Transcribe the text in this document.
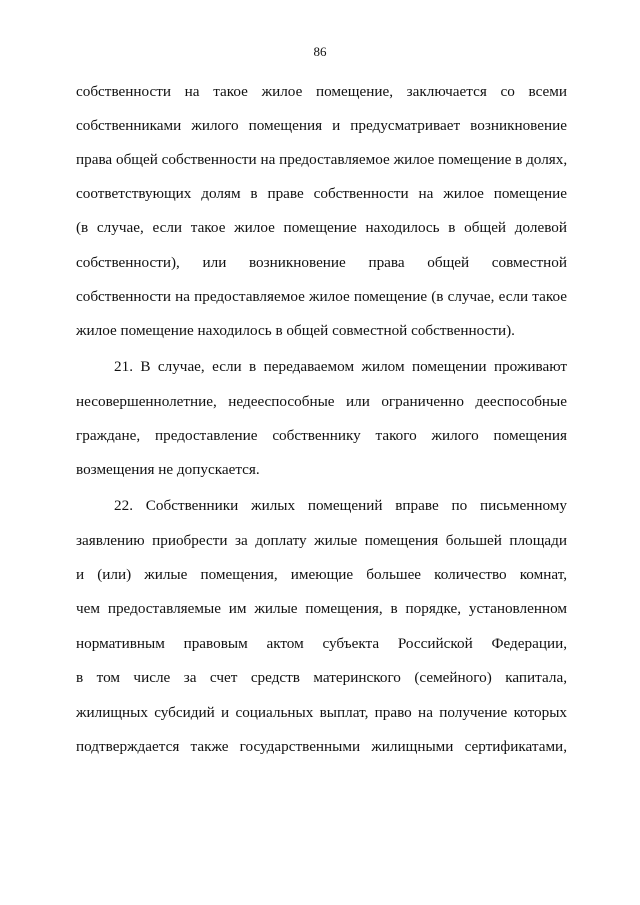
86
собственности на такое жилое помещение, заключается со всеми
собственниками жилого помещения и предусматривает возникновение
права общей собственности на предоставляемое жилое помещение в долях,
соответствующих долям в праве собственности на жилое помещение
(в случае, если такое жилое помещение находилось в общей долевой
собственности), или возникновение права общей совместной
собственности на предоставляемое жилое помещение (в случае, если такое
жилое помещение находилось в общей совместной собственности).
21. В случае, если в передаваемом жилом помещении проживают
несовершеннолетние, недееспособные или ограниченно дееспособные
граждане, предоставление собственнику такого жилого помещения
возмещения не допускается.
22. Собственники жилых помещений вправе по письменному
заявлению приобрести за доплату жилые помещения большей площади
и (или) жилые помещения, имеющие большее количество комнат,
чем предоставляемые им жилые помещения, в порядке, установленном
нормативным правовым актом субъекта Российской Федерации,
в том числе за счет средств материнского (семейного) капитала,
жилищных субсидий и социальных выплат, право на получение которых
подтверждается также государственными жилищными сертификатами,
